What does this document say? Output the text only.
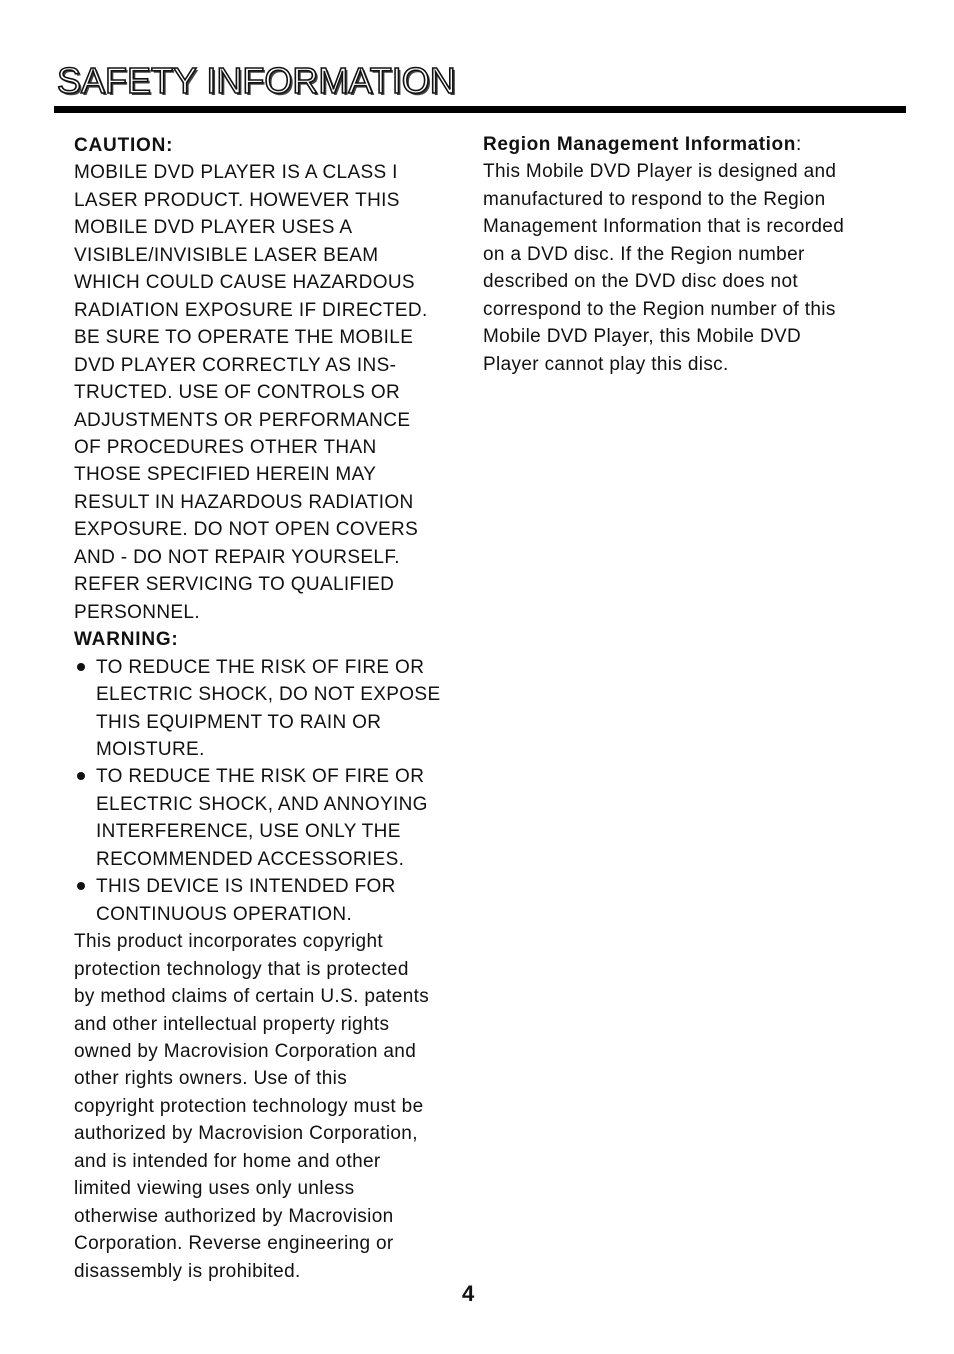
SAFETY INFORMATION
CAUTION:
MOBILE DVD PLAYER IS A CLASS I
LASER PRODUCT. HOWEVER THIS
MOBILE DVD PLAYER USES A
VISIBLE/INVISIBLE LASER BEAM
WHICH COULD CAUSE HAZARDOUS
RADIATION EXPOSURE IF DIRECTED.
BE SURE TO OPERATE THE MOBILE
DVD PLAYER CORRECTLY AS INS-
TRUCTED. USE OF CONTROLS OR
ADJUSTMENTS OR PERFORMANCE
OF PROCEDURES OTHER THAN
THOSE SPECIFIED HEREIN MAY
RESULT IN HAZARDOUS RADIATION
EXPOSURE. DO NOT OPEN COVERS
AND - DO NOT REPAIR YOURSELF.
REFER SERVICING TO QUALIFIED
PERSONNEL.
WARNING:
TO REDUCE THE RISK OF FIRE OR
ELECTRIC SHOCK, DO NOT EXPOSE
THIS EQUIPMENT TO RAIN OR
MOISTURE.
TO REDUCE THE RISK OF FIRE OR
ELECTRIC SHOCK, AND ANNOYING
INTERFERENCE, USE ONLY THE
RECOMMENDED ACCESSORIES.
THIS DEVICE IS INTENDED FOR
CONTINUOUS OPERATION.
This product incorporates copyright
protection technology that is protected
by method claims of certain U.S. patents
and other intellectual property rights
owned by Macrovision Corporation and
other rights owners. Use of this
copyright protection technology must be
authorized by Macrovision Corporation,
and is intended for home and other
limited viewing uses only unless
otherwise authorized by Macrovision
Corporation. Reverse engineering or
disassembly is prohibited.
Region Management Information:
This Mobile DVD Player is designed and
manufactured to respond to the Region
Management Information that is recorded
on a DVD disc. If the Region number
described on the DVD disc does not
correspond to the Region number of this
Mobile DVD Player, this Mobile DVD
Player cannot play this disc.
4
